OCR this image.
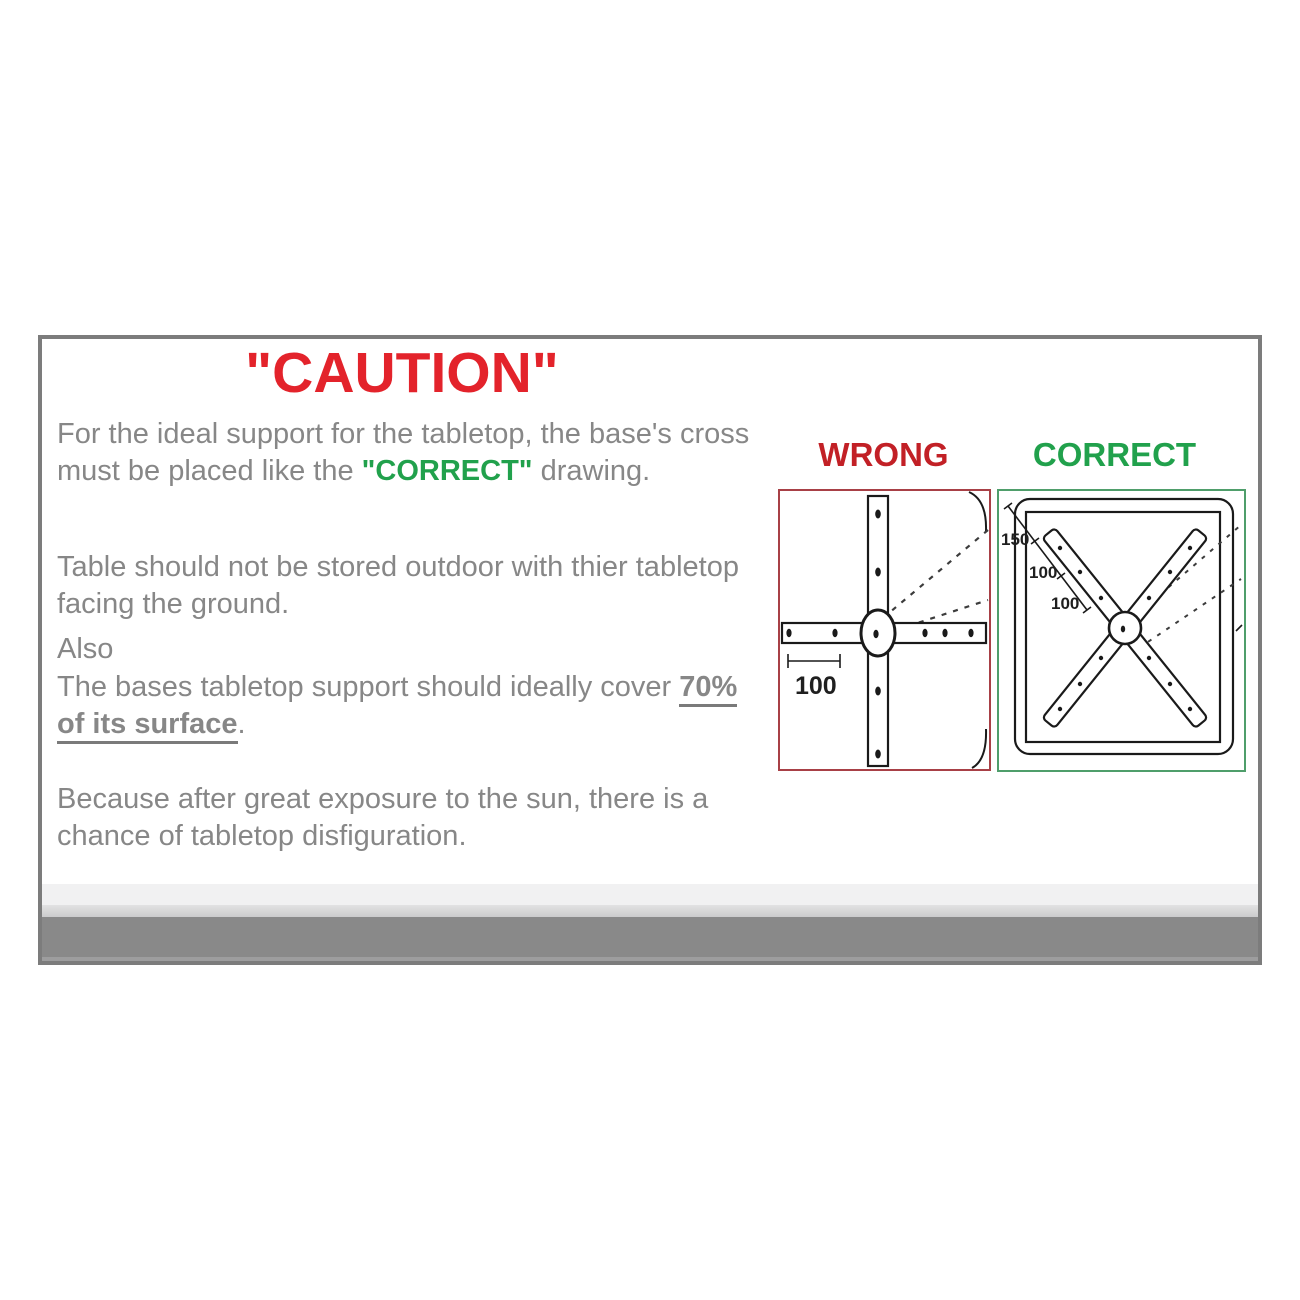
"CAUTION"
For the ideal support for the tabletop, the base's cross must be placed like the "CORRECT" drawing.
Table should not be stored outdoor with thier tabletop facing the ground.
Also
The bases tabletop support should ideally cover 70% of its surface.
Because after great exposure to the sun, there is a chance of tabletop disfiguration.
WRONG	CORRECT
100
150
100
100
